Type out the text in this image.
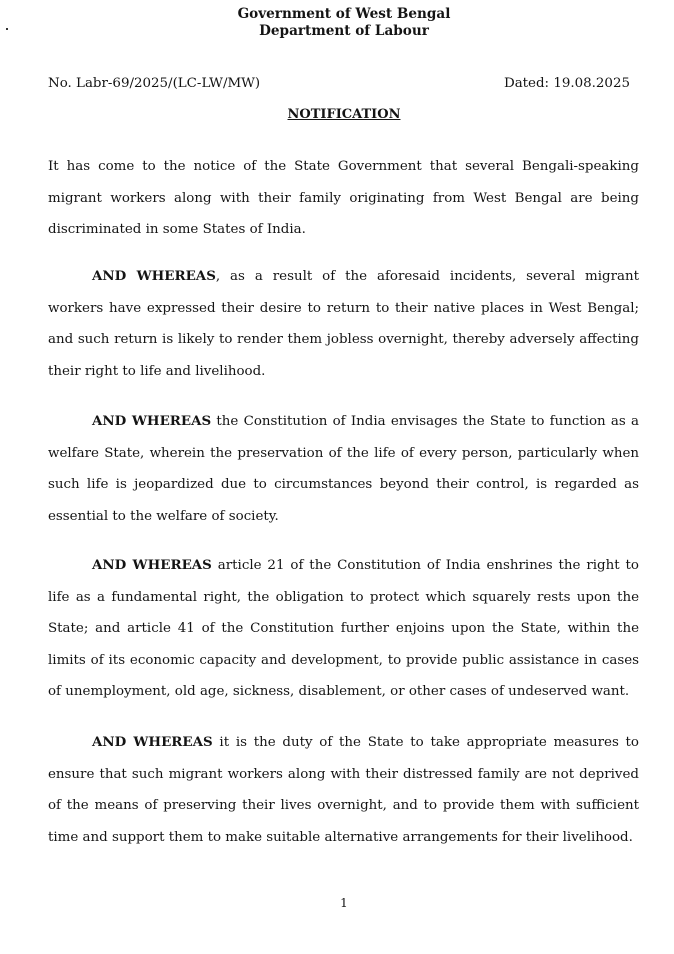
Government of West Bengal
Department of Labour
No. Labr-69/2025/(LC-LW/MW)	Dated: 19.08.2025
NOTIFICATION

It has come to the notice of the State Government that several Bengali-speaking migrant workers along with their family originating from West Bengal are being discriminated in some States of India.

AND WHEREAS, as a result of the aforesaid incidents, several migrant workers have expressed their desire to return to their native places in West Bengal; and such return is likely to render them jobless overnight, thereby adversely affecting their right to life and livelihood.

AND WHEREAS the Constitution of India envisages the State to function as a welfare State, wherein the preservation of the life of every person, particularly when such life is jeopardized due to circumstances beyond their control, is regarded as essential to the welfare of society.

AND WHEREAS article 21 of the Constitution of India enshrines the right to life as a fundamental right, the obligation to protect which squarely rests upon the State; and article 41 of the Constitution further enjoins upon the State, within the limits of its economic capacity and development, to provide public assistance in cases of unemployment, old age, sickness, disablement, or other cases of undeserved want.

AND WHEREAS it is the duty of the State to take appropriate measures to ensure that such migrant workers along with their distressed family are not deprived of the means of preserving their lives overnight, and to provide them with sufficient time and support them to make suitable alternative arrangements for their livelihood.

1
